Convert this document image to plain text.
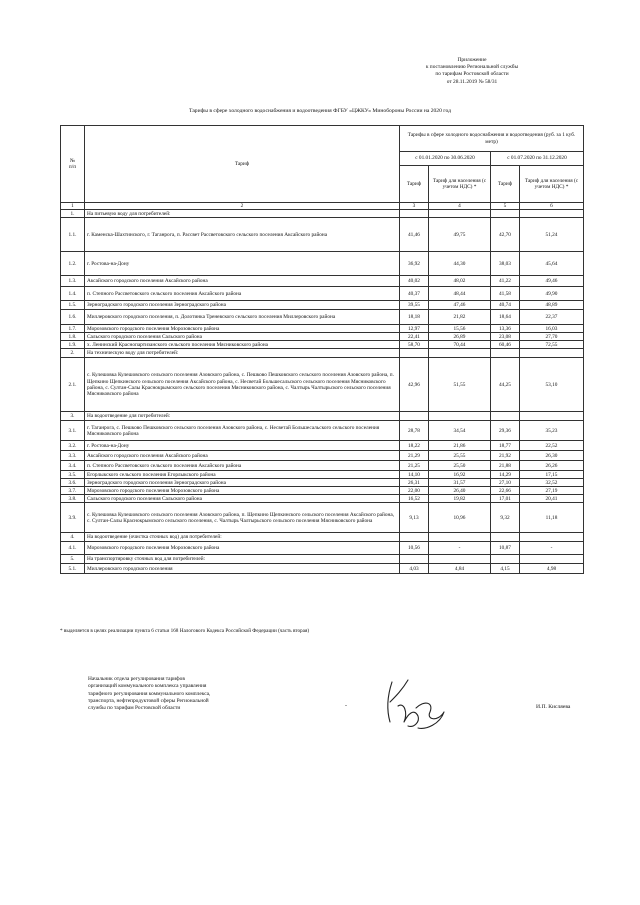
Приложение
к постановлению Региональной службы
по тарифам Ростовской области
от 28.11.2019 № 58/31
Тарифы в сфере холодного водоснабжения и водоотведения ФГБУ «ЦЖКУ» Минобороны России на 2020 год
№
п/п	Тариф	Тарифы в сфере холодного водоснабжения и водоотведения (руб. за 1 куб. метр)			
		с 01.01.2020 по 30.06.2020		с 01.07.2020 по 31.12.2020	
		Тариф	Тариф для населения (с учетом НДС) *	Тариф	Тариф для населения (с учетом НДС) *
1	2	3	4	5	6
1.	На питьевую воду для потребителей:				
1.1.	г. Каменска-Шахтинского, г. Таганрога, п. Рассвет Рассветовского сельского поселения Аксайского района	41,46	49,75	42,70	51,24
1.2.	г. Ростова-на-Дону	36,92	44,30	38,03	45,64
1.3.	Аксайского городского поселения Аксайского района	40,02	48,02	41,22	49,46
1.4.	п. Степного Рассветовского сельского поселения Аксайского района	40,37	48,44	41,58	49,90
1.5.	Зерноградского городского поселения Зерноградского района	39,55	47,46	40,74	48,89
1.6.	Миллеровского городского поселения, п. Долотинка Треневского сельского поселения Миллеровского района	18,18	21,82	18,64	22,37
1.7.	Морозовского городского поселения Морозовского района	12,97	15,56	13,36	16,03
1.8.	Сальского городского поселения Сальского района	22,41	26,89	23,08	27,70
1.9.	х. Ленинский Краснопартизанского сельского поселения Мясниковского района	58,70	70,44	60,46	72,55
2.	На техническую воду для потребителей:				
2.1.	с. Кулешовка Кулешовского сельского поселения Азовского района, с. Пешково Пешковского сельского поселения Азовского района, п. Щепкино Щепкинского сельского поселения Аксайского района, с. Несветай Большесальского сельского поселения Мясниковского района, с. Султан-Салы Краснокрымского сельского поселения Мясниковского района, с. Чалтырь Чалтырьского сельского поселения Мясниковского района	42,96	51,55	44,25	53,10
3.	На водоотведение для потребителей:				
3.1.	г. Таганрога, с. Пешково Пешковского сельского поселения Азовского района, с. Несветай Большесальского сельского поселения Мясниковского района	28,78	34,54	29,36	35,23
3.2.	г. Ростова-на-Дону	18,22	21,86	18,77	22,52
3.3.	Аксайского городского поселения Аксайского района	21,29	25,55	21,92	26,30
3.4.	п. Степного Рассветовского сельского поселения Аксайского района	21,25	25,50	21,88	26,26
3.5.	Егорлыкского сельского поселения Егорлыкского района	14,10	16,92	14,29	17,15
3.6.	Зерноградского городского поселения Зерноградского района	26,31	31,57	27,10	32,52
3.7.	Морозовского городского поселения Морозовского района	22,00	26,40	22,66	27,19
3.8.	Сальского городского поселения Сальского района	16,52	19,82	17,01	20,41
3.9.	с. Кулешовка Кулешовского сельского поселения Азовского района, п. Щепкино Щепкинского сельского поселения Аксайского района, с. Султан-Салы Краснокрымского сельского поселения, с. Чалтырь Чалтырьского сельского поселения Мясниковского района	9,13	10,96	9,32	11,18
4.	На водоотведение (очистка сточных вод) для потребителей:				
4.1.	Морозовского городского поселения Морозовского района	10,56	-	10,87	-
5.	На транспортировку сточных вод для потребителей:				
5.1.	Миллеровского городского поселения	4,03	4,84	4,15	4,98
* выделяется в целях реализации пункта 6 статьи 168 Налогового Кодекса Российской Федерации (часть вторая)
Начальник отдела регулирования тарифов
организаций коммунального комплекса управления
тарифного регулирования коммунального комплекса,
транспорта, нефтепродуктовой сферы Региональной
службы по тарифам Ростовской области	-	И.П. Кисляева
